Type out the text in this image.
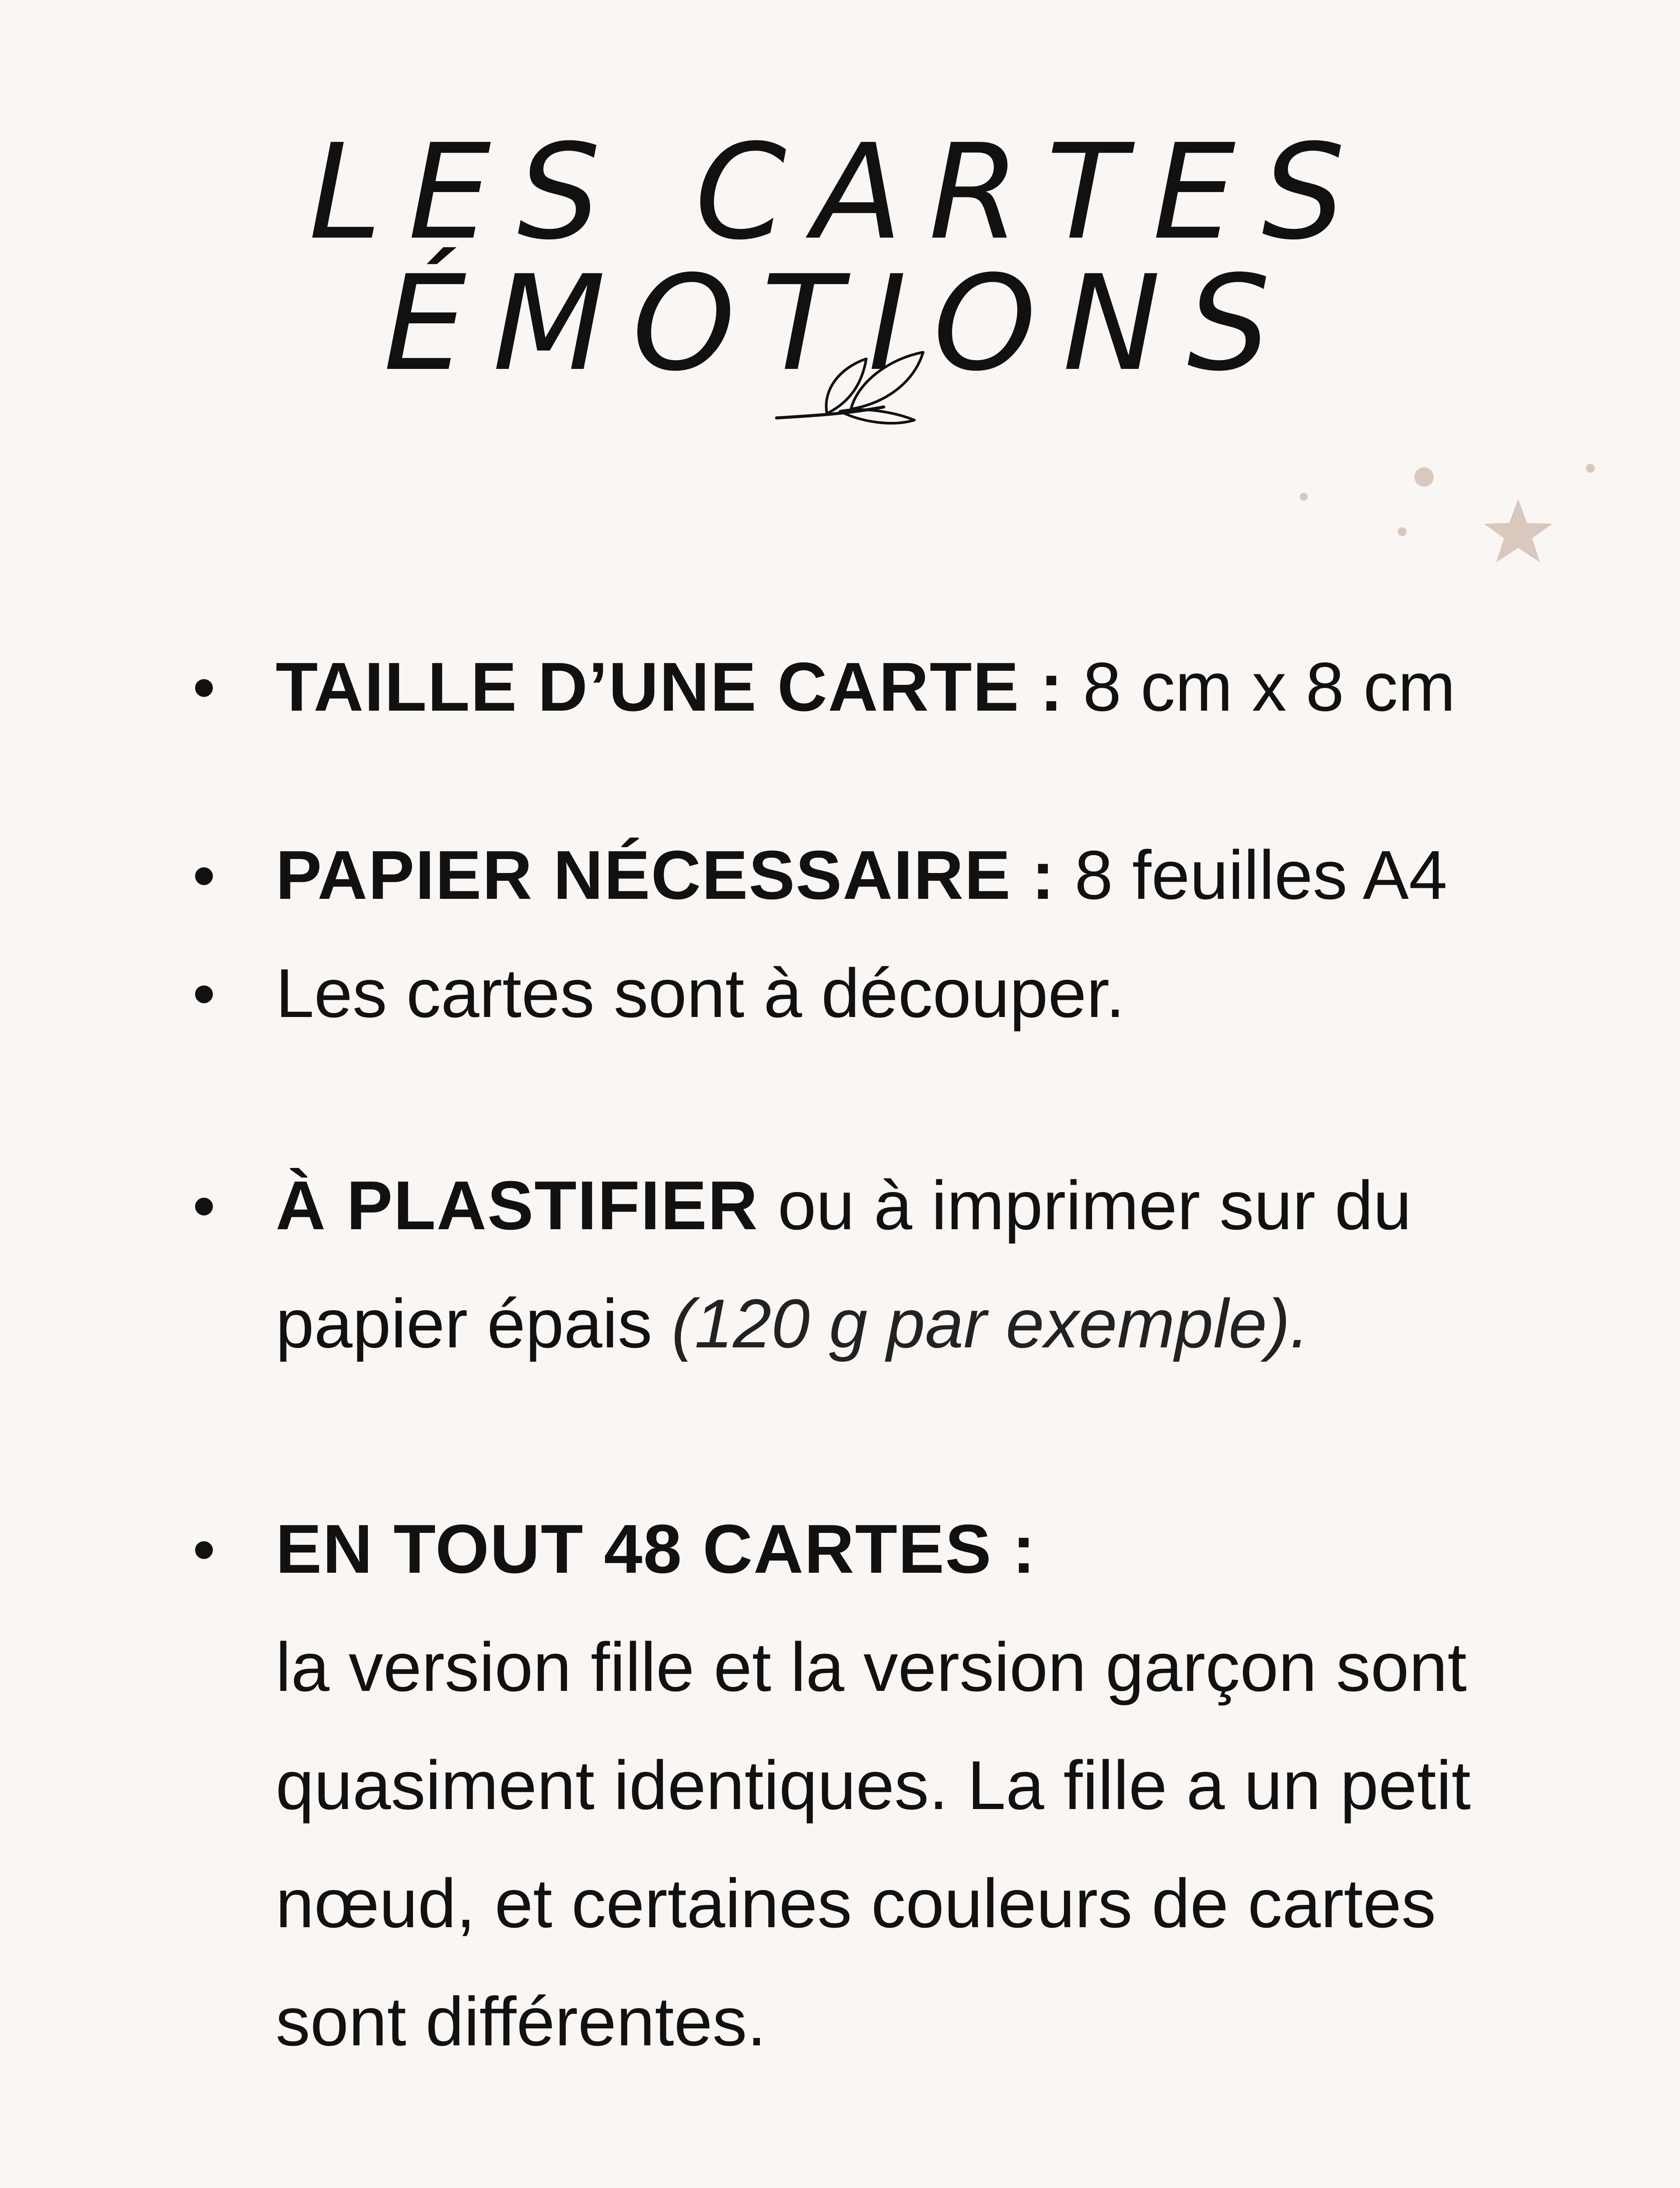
LES CARTES ÉMOTIONS
• TAILLE D’UNE CARTE : 8 cm x 8 cm
• PAPIER NÉCESSAIRE : 8 feuilles A4
• Les cartes sont à découper.
• À PLASTIFIER ou à imprimer sur du
papier épais (120 g par exemple).
• EN TOUT 48 CARTES :
la version fille et la version garçon sont
quasiment identiques. La fille a un petit
nœud, et certaines couleurs de cartes
sont différentes.
